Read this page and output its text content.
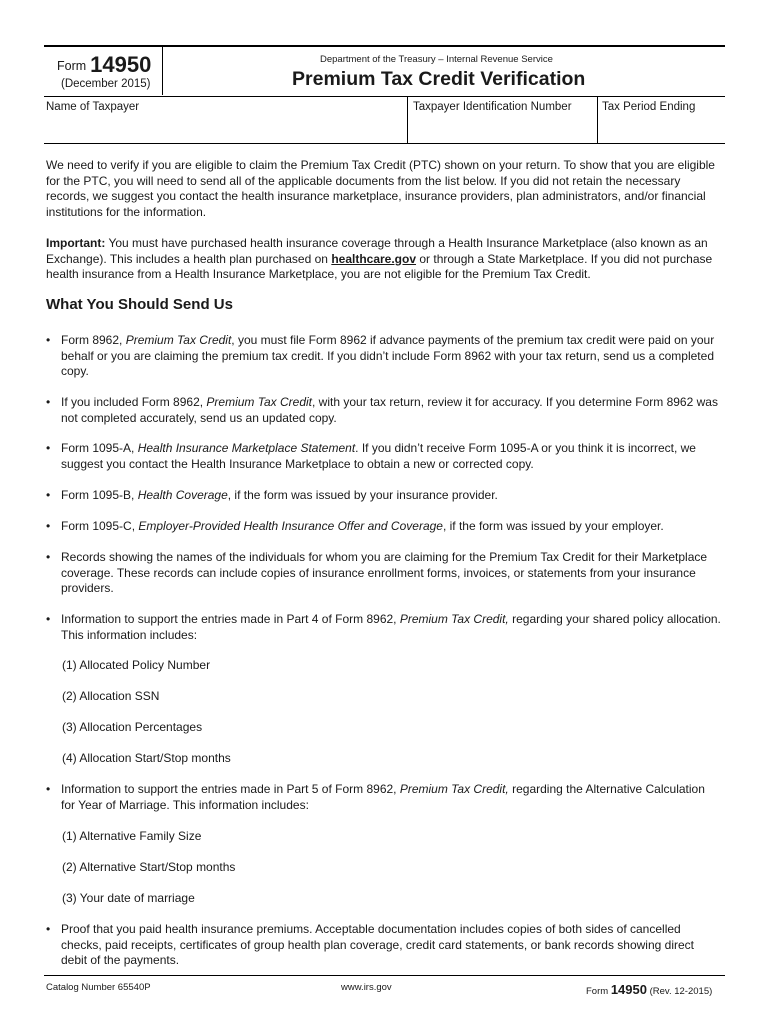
Form 14950
(December 2015)
Department of the Treasury – Internal Revenue Service
Premium Tax Credit Verification
Name of Taxpayer	Taxpayer Identification Number	Tax Period Ending

We need to verify if you are eligible to claim the Premium Tax Credit (PTC) shown on your return. To show that you are eligible for the PTC, you will need to send all of the applicable documents from the list below. If you did not retain the necessary records, we suggest you contact the health insurance marketplace, insurance providers, plan administrators, and/or financial institutions for the information.

Important: You must have purchased health insurance coverage through a Health Insurance Marketplace (also known as an Exchange). This includes a health plan purchased on healthcare.gov or through a State Marketplace. If you did not purchase health insurance from a Health Insurance Marketplace, you are not eligible for the Premium Tax Credit.

What You Should Send Us
• Form 8962, Premium Tax Credit, you must file Form 8962 if advance payments of the premium tax credit were paid on your behalf or you are claiming the premium tax credit. If you didn’t include Form 8962 with your tax return, send us a completed copy.
• If you included Form 8962, Premium Tax Credit, with your tax return, review it for accuracy. If you determine Form 8962 was not completed accurately, send us an updated copy.
• Form 1095-A, Health Insurance Marketplace Statement. If you didn’t receive Form 1095-A or you think it is incorrect, we suggest you contact the Health Insurance Marketplace to obtain a new or corrected copy.
• Form 1095-B, Health Coverage, if the form was issued by your insurance provider.
• Form 1095-C, Employer-Provided Health Insurance Offer and Coverage, if the form was issued by your employer.
• Records showing the names of the individuals for whom you are claiming for the Premium Tax Credit for their Marketplace coverage. These records can include copies of insurance enrollment forms, invoices, or statements from your insurance providers.
• Information to support the entries made in Part 4 of Form 8962, Premium Tax Credit, regarding your shared policy allocation. This information includes:
(1) Allocated Policy Number
(2) Allocation SSN
(3) Allocation Percentages
(4) Allocation Start/Stop months
• Information to support the entries made in Part 5 of Form 8962, Premium Tax Credit, regarding the Alternative Calculation for Year of Marriage. This information includes:
(1) Alternative Family Size
(2) Alternative Start/Stop months
(3) Your date of marriage
• Proof that you paid health insurance premiums. Acceptable documentation includes copies of both sides of cancelled checks, paid receipts, certificates of group health plan coverage, credit card statements, or bank records showing direct debit of the payments.
Catalog Number 65540P	www.irs.gov	Form 14950 (Rev. 12-2015)
